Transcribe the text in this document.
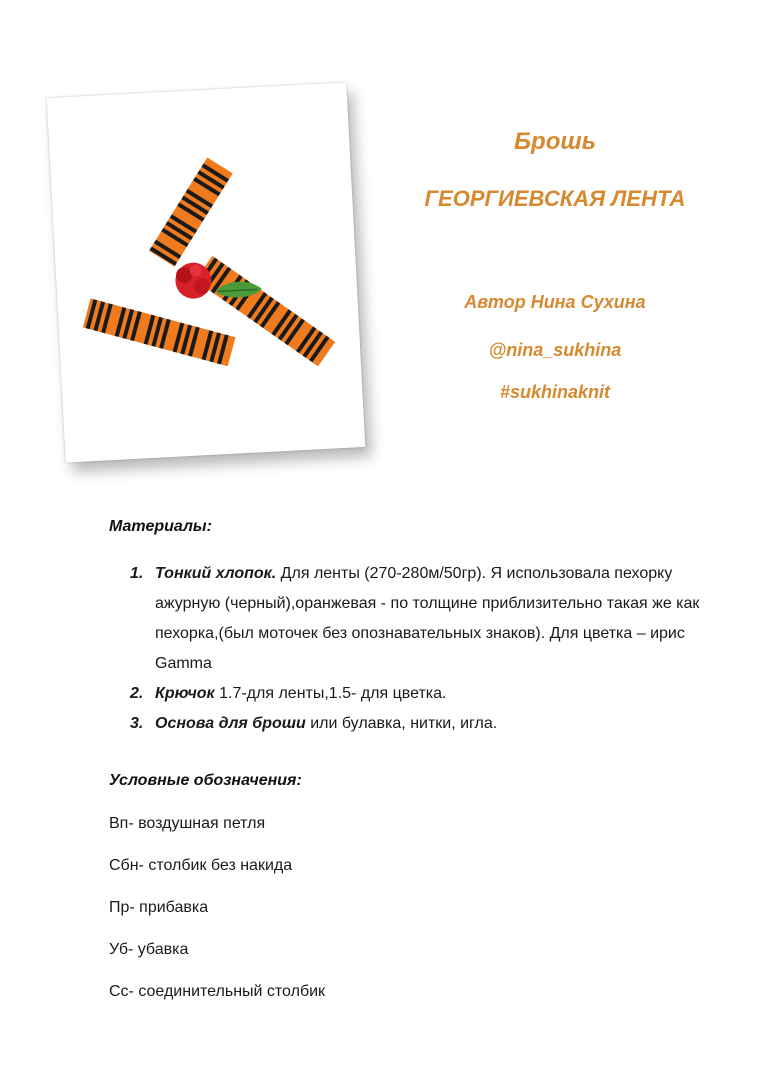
Брошь

ГЕОРГИЕВСКАЯ ЛЕНТА

Автор Нина Сухина

@nina_sukhina

#sukhinaknit

Материалы:

1. Тонкий хлопок. Для ленты (270-280м/50гр). Я использовала пехорку ажурную (черный),оранжевая - по толщине приблизительно такая же как пехорка,(был моточек без опознавательных знаков). Для цветка – ирис Gamma
2. Крючок 1.7-для ленты,1.5- для цветка.
3. Основа для броши или булавка, нитки, игла.

Условные обозначения:

Вп- воздушная петля

Сбн- столбик без накида

Пр- прибавка

Уб- убавка

Сс- соединительный столбик
